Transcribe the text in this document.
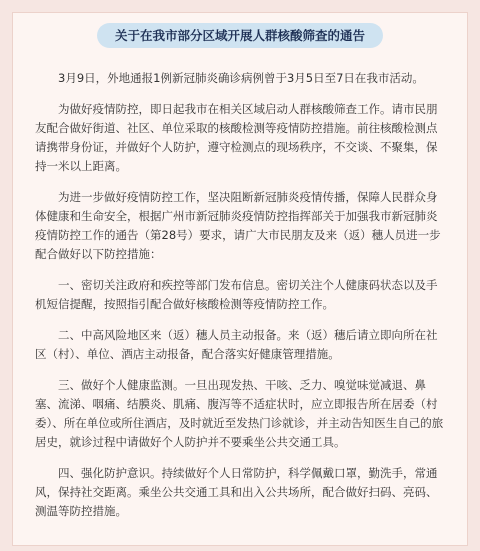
关于在我市部分区域开展人群核酸筛查的通告

3月9日，外地通报1例新冠肺炎确诊病例曾于3月5日至7日在我市活动。

为做好疫情防控，即日起我市在相关区域启动人群核酸筛查工作。请市民朋友配合做好街道、社区、单位采取的核酸检测等疫情防控措施。前往核酸检测点请携带身份证，并做好个人防护，遵守检测点的现场秩序，不交谈、不聚集，保持一米以上距离。

为进一步做好疫情防控工作，坚决阻断新冠肺炎疫情传播，保障人民群众身体健康和生命安全，根据广州市新冠肺炎疫情防控指挥部关于加强我市新冠肺炎疫情防控工作的通告（第28号）要求，请广大市民朋友及来（返）穗人员进一步配合做好以下防控措施：

一、密切关注政府和疾控等部门发布信息。密切关注个人健康码状态以及手机短信提醒，按照指引配合做好核酸检测等疫情防控工作。

二、中高风险地区来（返）穗人员主动报备。来（返）穗后请立即向所在社区（村）、单位、酒店主动报备，配合落实好健康管理措施。

三、做好个人健康监测。一旦出现发热、干咳、乏力、嗅觉味觉减退、鼻塞、流涕、咽痛、结膜炎、肌痛、腹泻等不适症状时，应立即报告所在居委（村委）、所在单位或所住酒店，及时就近至发热门诊就诊，并主动告知医生自己的旅居史，就诊过程中请做好个人防护并不要乘坐公共交通工具。

四、强化防护意识。持续做好个人日常防护，科学佩戴口罩，勤洗手，常通风，保持社交距离。乘坐公共交通工具和出入公共场所，配合做好扫码、亮码、测温等防控措施。
